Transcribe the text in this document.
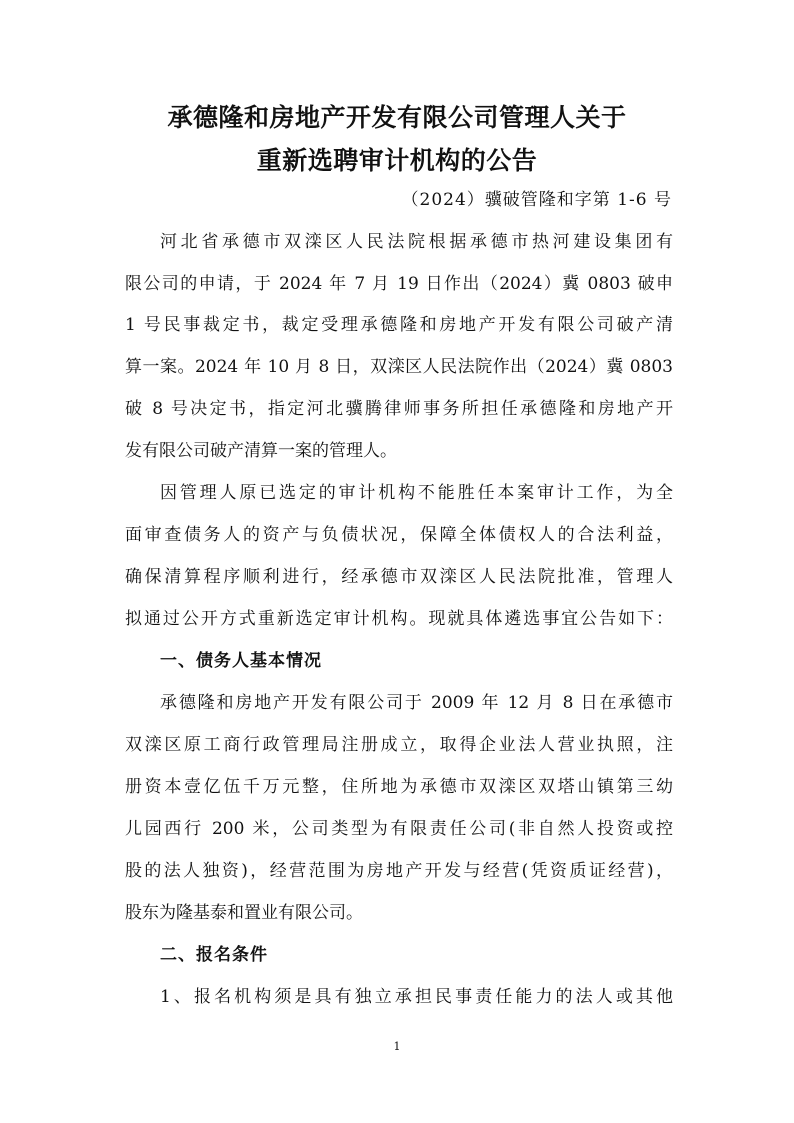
承德隆和房地产开发有限公司管理人关于
重新选聘审计机构的公告
（2024）骥破管隆和字第 1-6 号
河北省承德市双滦区人民法院根据承德市热河建设集团有
限公司的申请，于 2024 年 7 月 19 日作出（2024）冀 0803 破申
1 号民事裁定书，裁定受理承德隆和房地产开发有限公司破产清
算一案。2024 年 10 月 8 日，双滦区人民法院作出（2024）冀 0803
破 8 号决定书，指定河北骥腾律师事务所担任承德隆和房地产开
发有限公司破产清算一案的管理人。
因管理人原已选定的审计机构不能胜任本案审计工作，为全
面审查债务人的资产与负债状况，保障全体债权人的合法利益，
确保清算程序顺利进行，经承德市双滦区人民法院批准，管理人
拟通过公开方式重新选定审计机构。现就具体遴选事宜公告如下：
一、债务人基本情况
承德隆和房地产开发有限公司于 2009 年 12 月 8 日在承德市
双滦区原工商行政管理局注册成立，取得企业法人营业执照，注
册资本壹亿伍千万元整，住所地为承德市双滦区双塔山镇第三幼
儿园西行 200 米，公司类型为有限责任公司(非自然人投资或控
股的法人独资)，经营范围为房地产开发与经营(凭资质证经营)，
股东为隆基泰和置业有限公司。
二、报名条件
1、报名机构须是具有独立承担民事责任能力的法人或其他
1
